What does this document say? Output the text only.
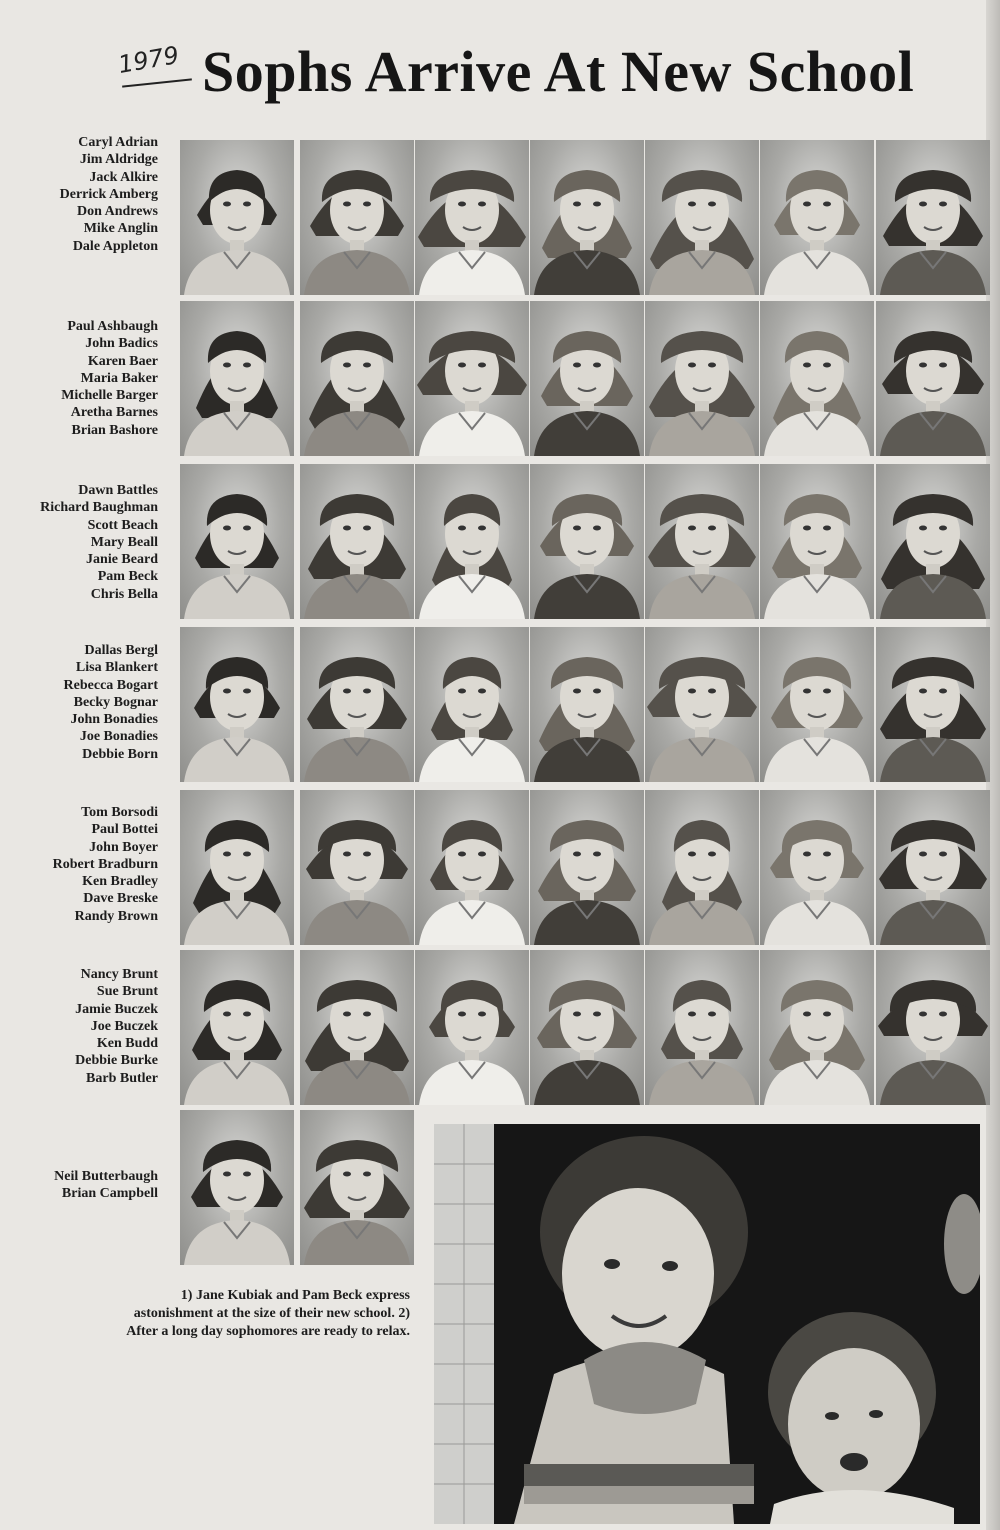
1979 Sophs Arrive At New School
Caryl Adrian
Jim Aldridge
Jack Alkire
Derrick Amberg
Don Andrews
Mike Anglin
Dale Appleton
Paul Ashbaugh
John Badics
Karen Baer
Maria Baker
Michelle Barger
Aretha Barnes
Brian Bashore
Dawn Battles
Richard Baughman
Scott Beach
Mary Beall
Janie Beard
Pam Beck
Chris Bella
Dallas Bergl
Lisa Blankert
Rebecca Bogart
Becky Bognar
John Bonadies
Joe Bonadies
Debbie Born
Tom Borsodi
Paul Bottei
John Boyer
Robert Bradburn
Ken Bradley
Dave Breske
Randy Brown
Nancy Brunt
Sue Brunt
Jamie Buczek
Joe Buczek
Ken Budd
Debbie Burke
Barb Butler
Neil Butterbaugh
Brian Campbell
1) Jane Kubiak and Pam Beck express astonishment at the size of their new school. 2) After a long day sophomores are ready to relax.
